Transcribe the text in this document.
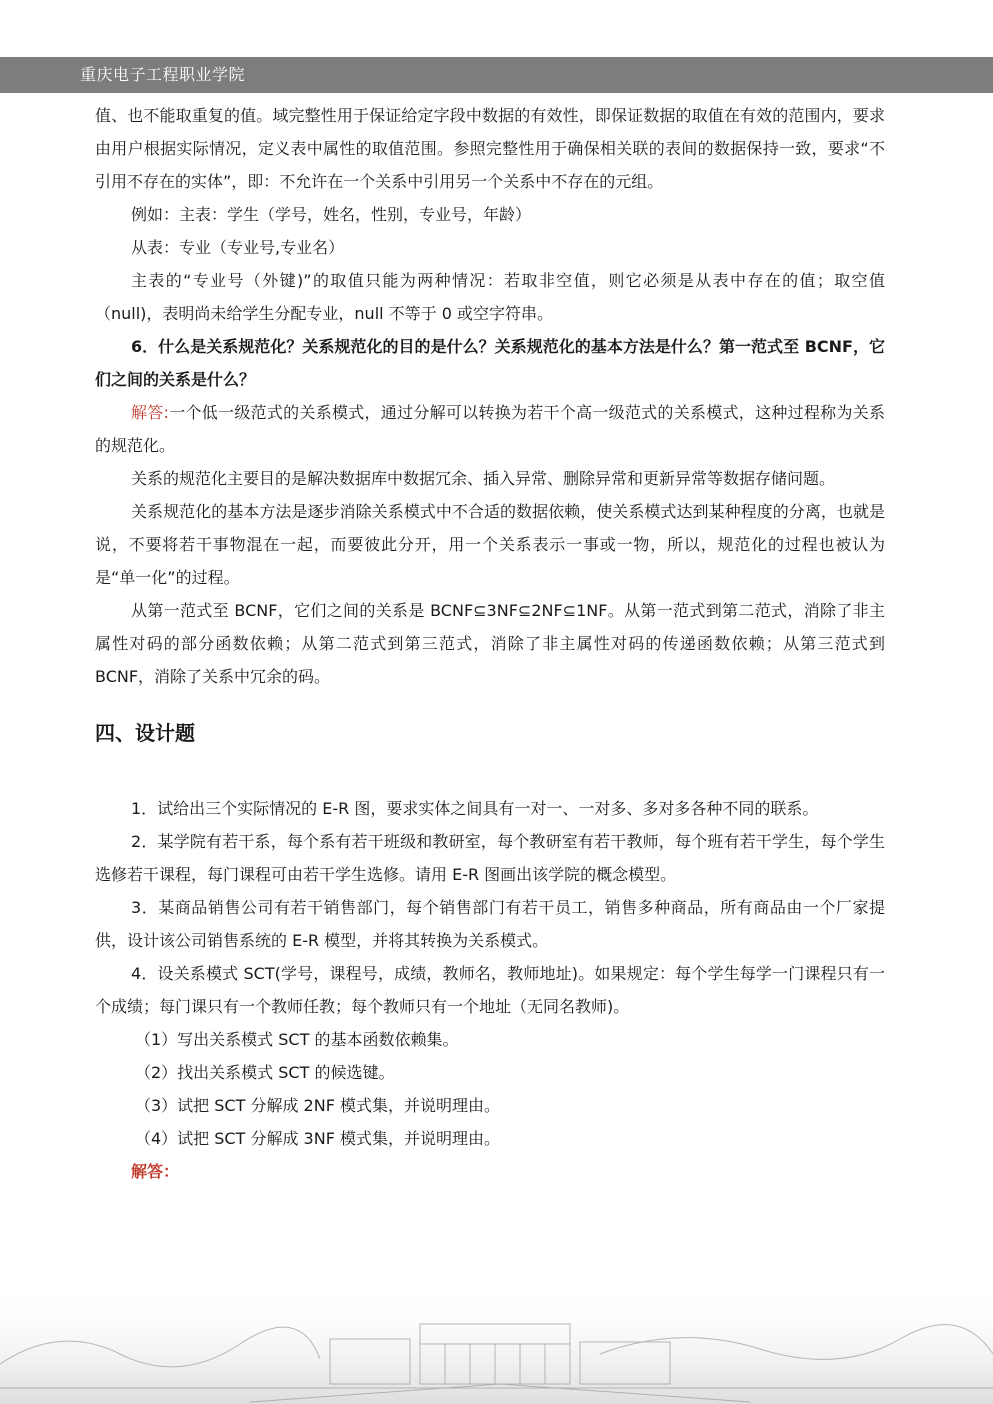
重庆电子工程职业学院

值、也不能取重复的值。域完整性用于保证给定字段中数据的有效性，即保证数据的取值在有效的范围内，要求由用户根据实际情况，定义表中属性的取值范围。参照完整性用于确保相关联的表间的数据保持一致，要求“不引用不存在的实体”，即：不允许在一个关系中引用另一个关系中不存在的元组。

例如：主表：学生（学号，姓名，性别，专业号，年龄）

从表：专业（专业号,专业名）

主表的“专业号（外键)”的取值只能为两种情况：若取非空值，则它必须是从表中存在的值；取空值（null)，表明尚未给学生分配专业，null 不等于 0 或空字符串。

6．什么是关系规范化？关系规范化的目的是什么？关系规范化的基本方法是什么？第一范式至 BCNF，它们之间的关系是什么？

解答:一个低一级范式的关系模式，通过分解可以转换为若干个高一级范式的关系模式，这种过程称为关系的规范化。

关系的规范化主要目的是解决数据库中数据冗余、插入异常、删除异常和更新异常等数据存储问题。

关系规范化的基本方法是逐步消除关系模式中不合适的数据依赖，使关系模式达到某种程度的分离，也就是说，不要将若干事物混在一起，而要彼此分开，用一个关系表示一事或一物，所以，规范化的过程也被认为是“单一化”的过程。

从第一范式至 BCNF，它们之间的关系是 BCNF⊆3NF⊆2NF⊆1NF。从第一范式到第二范式，消除了非主属性对码的部分函数依赖；从第二范式到第三范式，消除了非主属性对码的传递函数依赖；从第三范式到 BCNF，消除了关系中冗余的码。

四、设计题

1．试给出三个实际情况的 E-R 图，要求实体之间具有一对一、一对多、多对多各种不同的联系。

2．某学院有若干系，每个系有若干班级和教研室，每个教研室有若干教师，每个班有若干学生，每个学生选修若干课程，每门课程可由若干学生选修。请用 E-R 图画出该学院的概念模型。

3．某商品销售公司有若干销售部门，每个销售部门有若干员工，销售多种商品，所有商品由一个厂家提供，设计该公司销售系统的 E-R 模型，并将其转换为关系模式。

4．设关系模式 SCT(学号，课程号，成绩，教师名，教师地址)。如果规定：每个学生每学一门课程只有一个成绩；每门课只有一个教师任教；每个教师只有一个地址（无同名教师)。

（1）写出关系模式 SCT 的基本函数依赖集。

（2）找出关系模式 SCT 的候选键。

（3）试把 SCT 分解成 2NF 模式集，并说明理由。

（4）试把 SCT 分解成 3NF 模式集，并说明理由。

解答：
